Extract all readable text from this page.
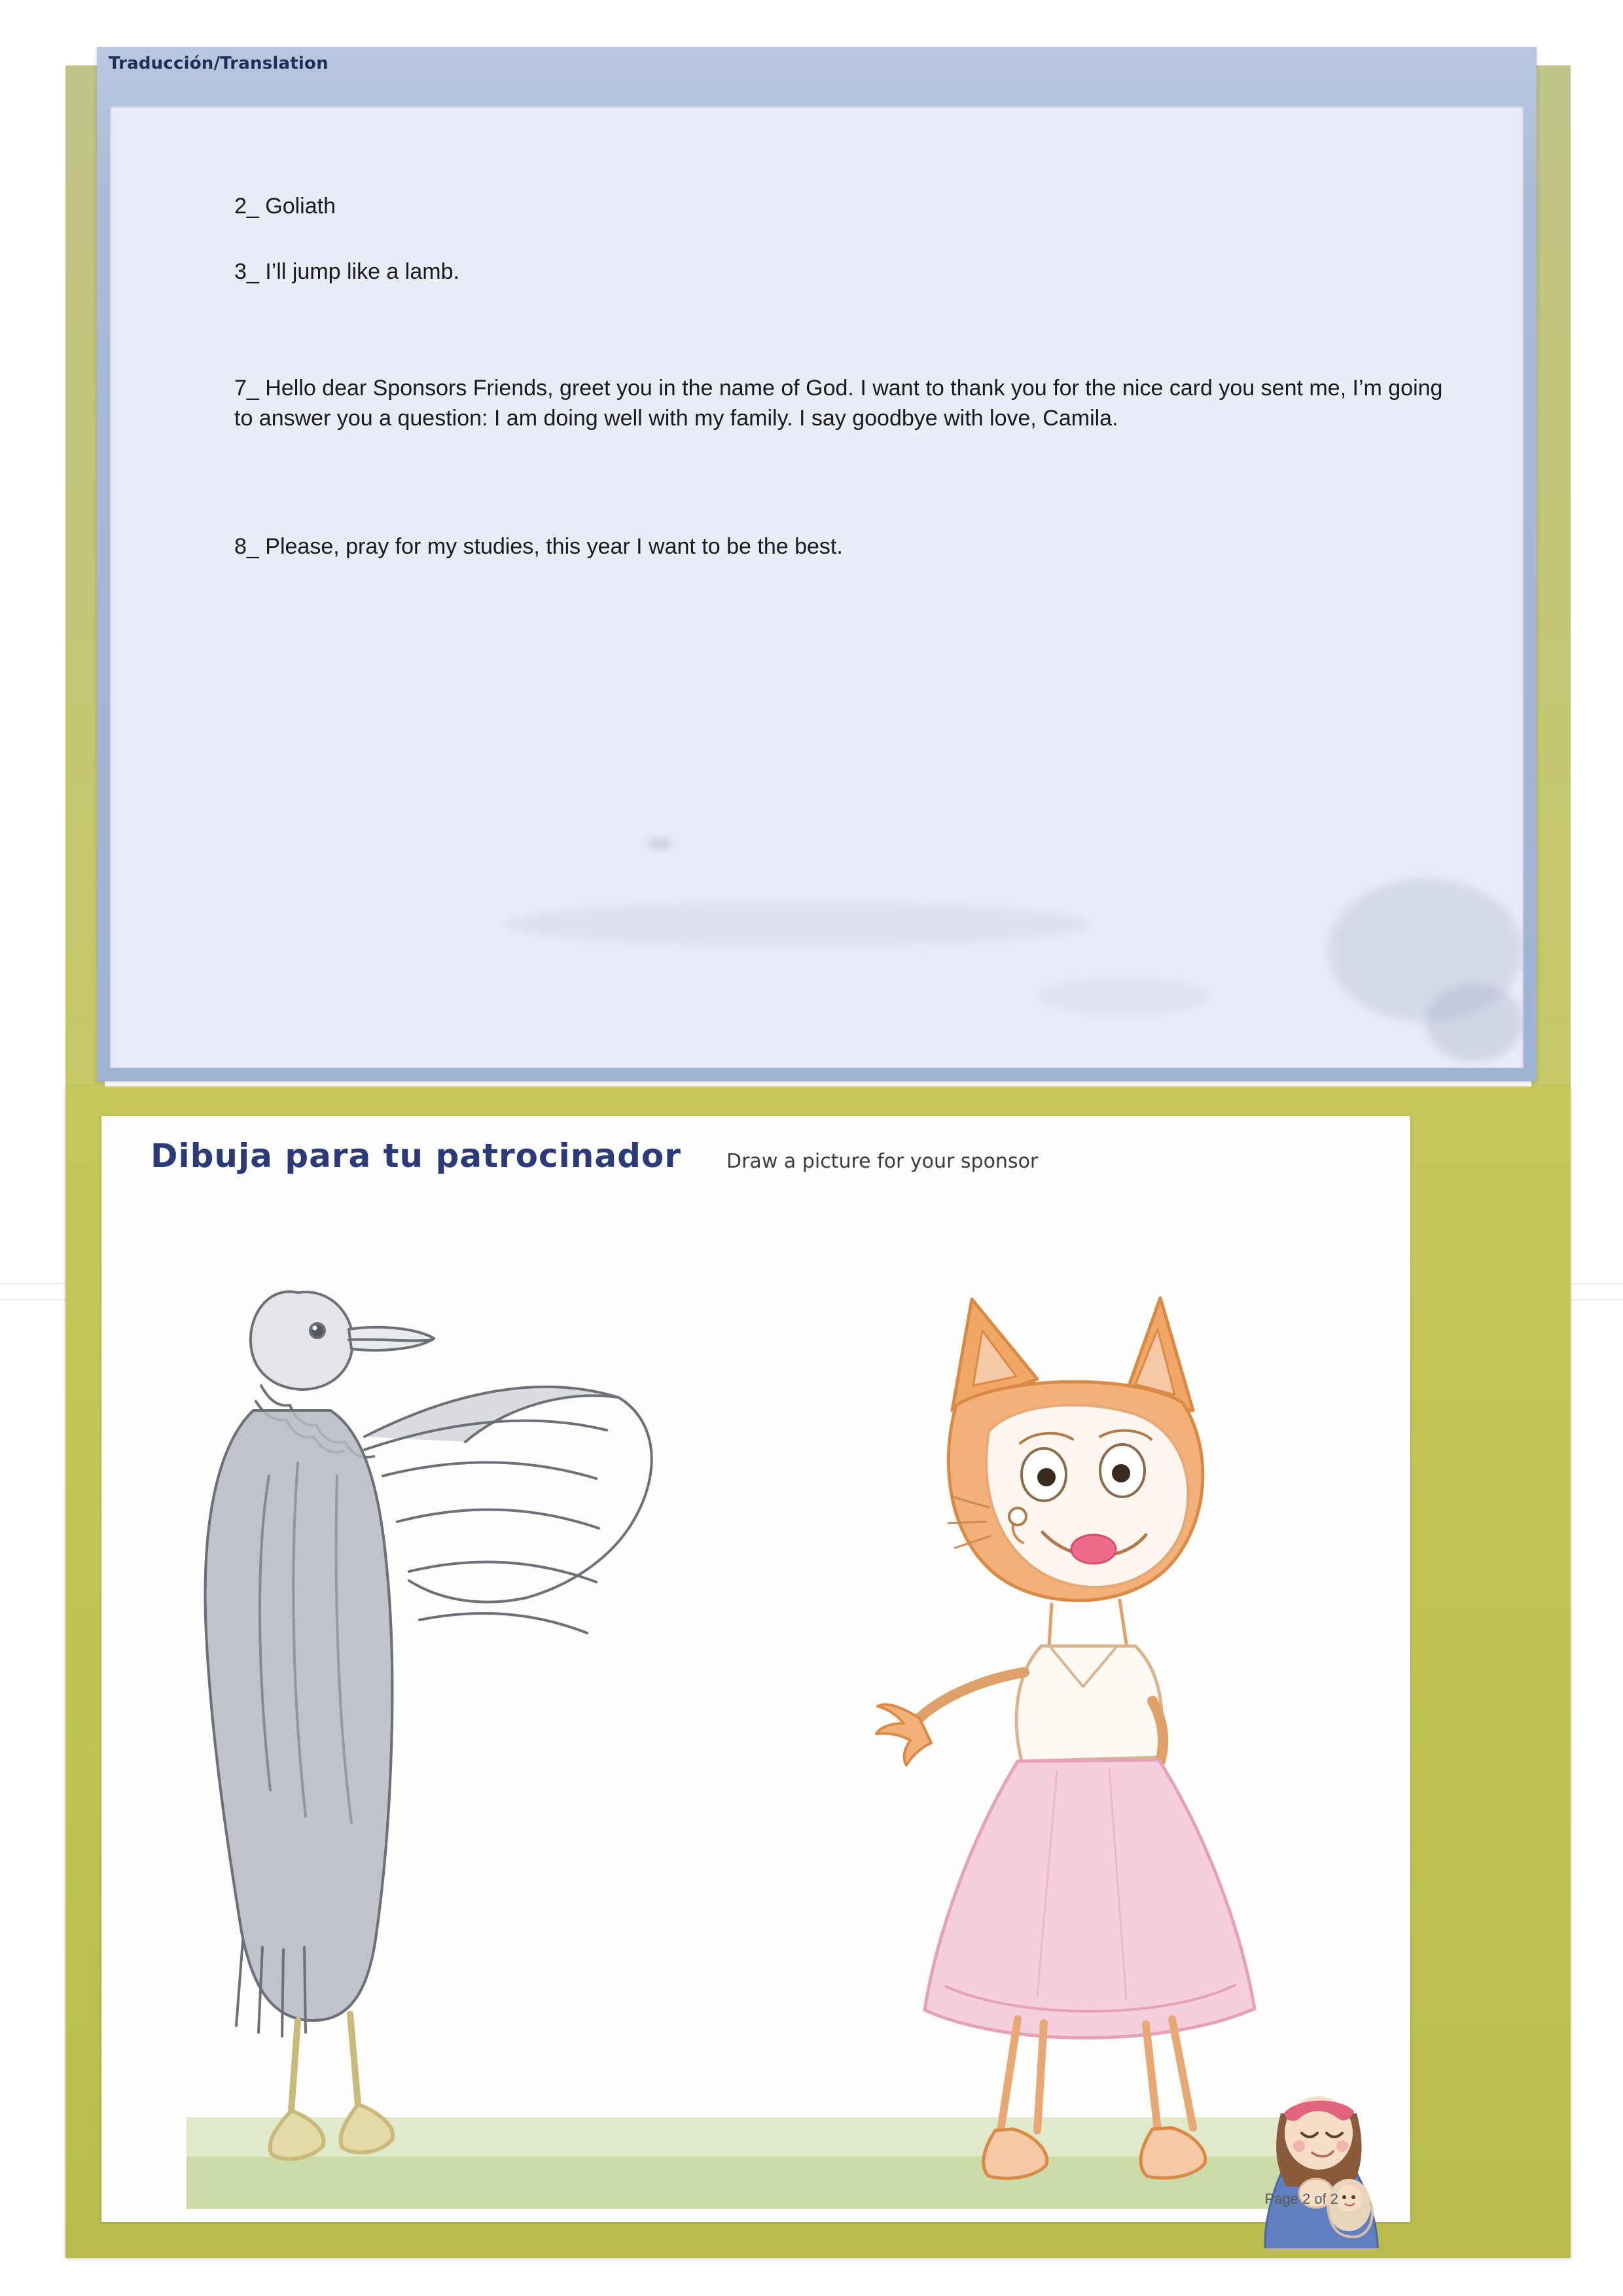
Traducción/Translation

2_ Goliath

3_ I’ll jump like a lamb.

7_ Hello dear Sponsors Friends, greet you in the name of God. I want to thank you for the nice card you sent me, I’m going to answer you a question: I am doing well with my family. I say goodbye with love, Camila.

8_ Please, pray for my studies, this year I want to be the best.

Dibuja para tu patrocinador Draw a picture for your sponsor
Page 2 of 2
